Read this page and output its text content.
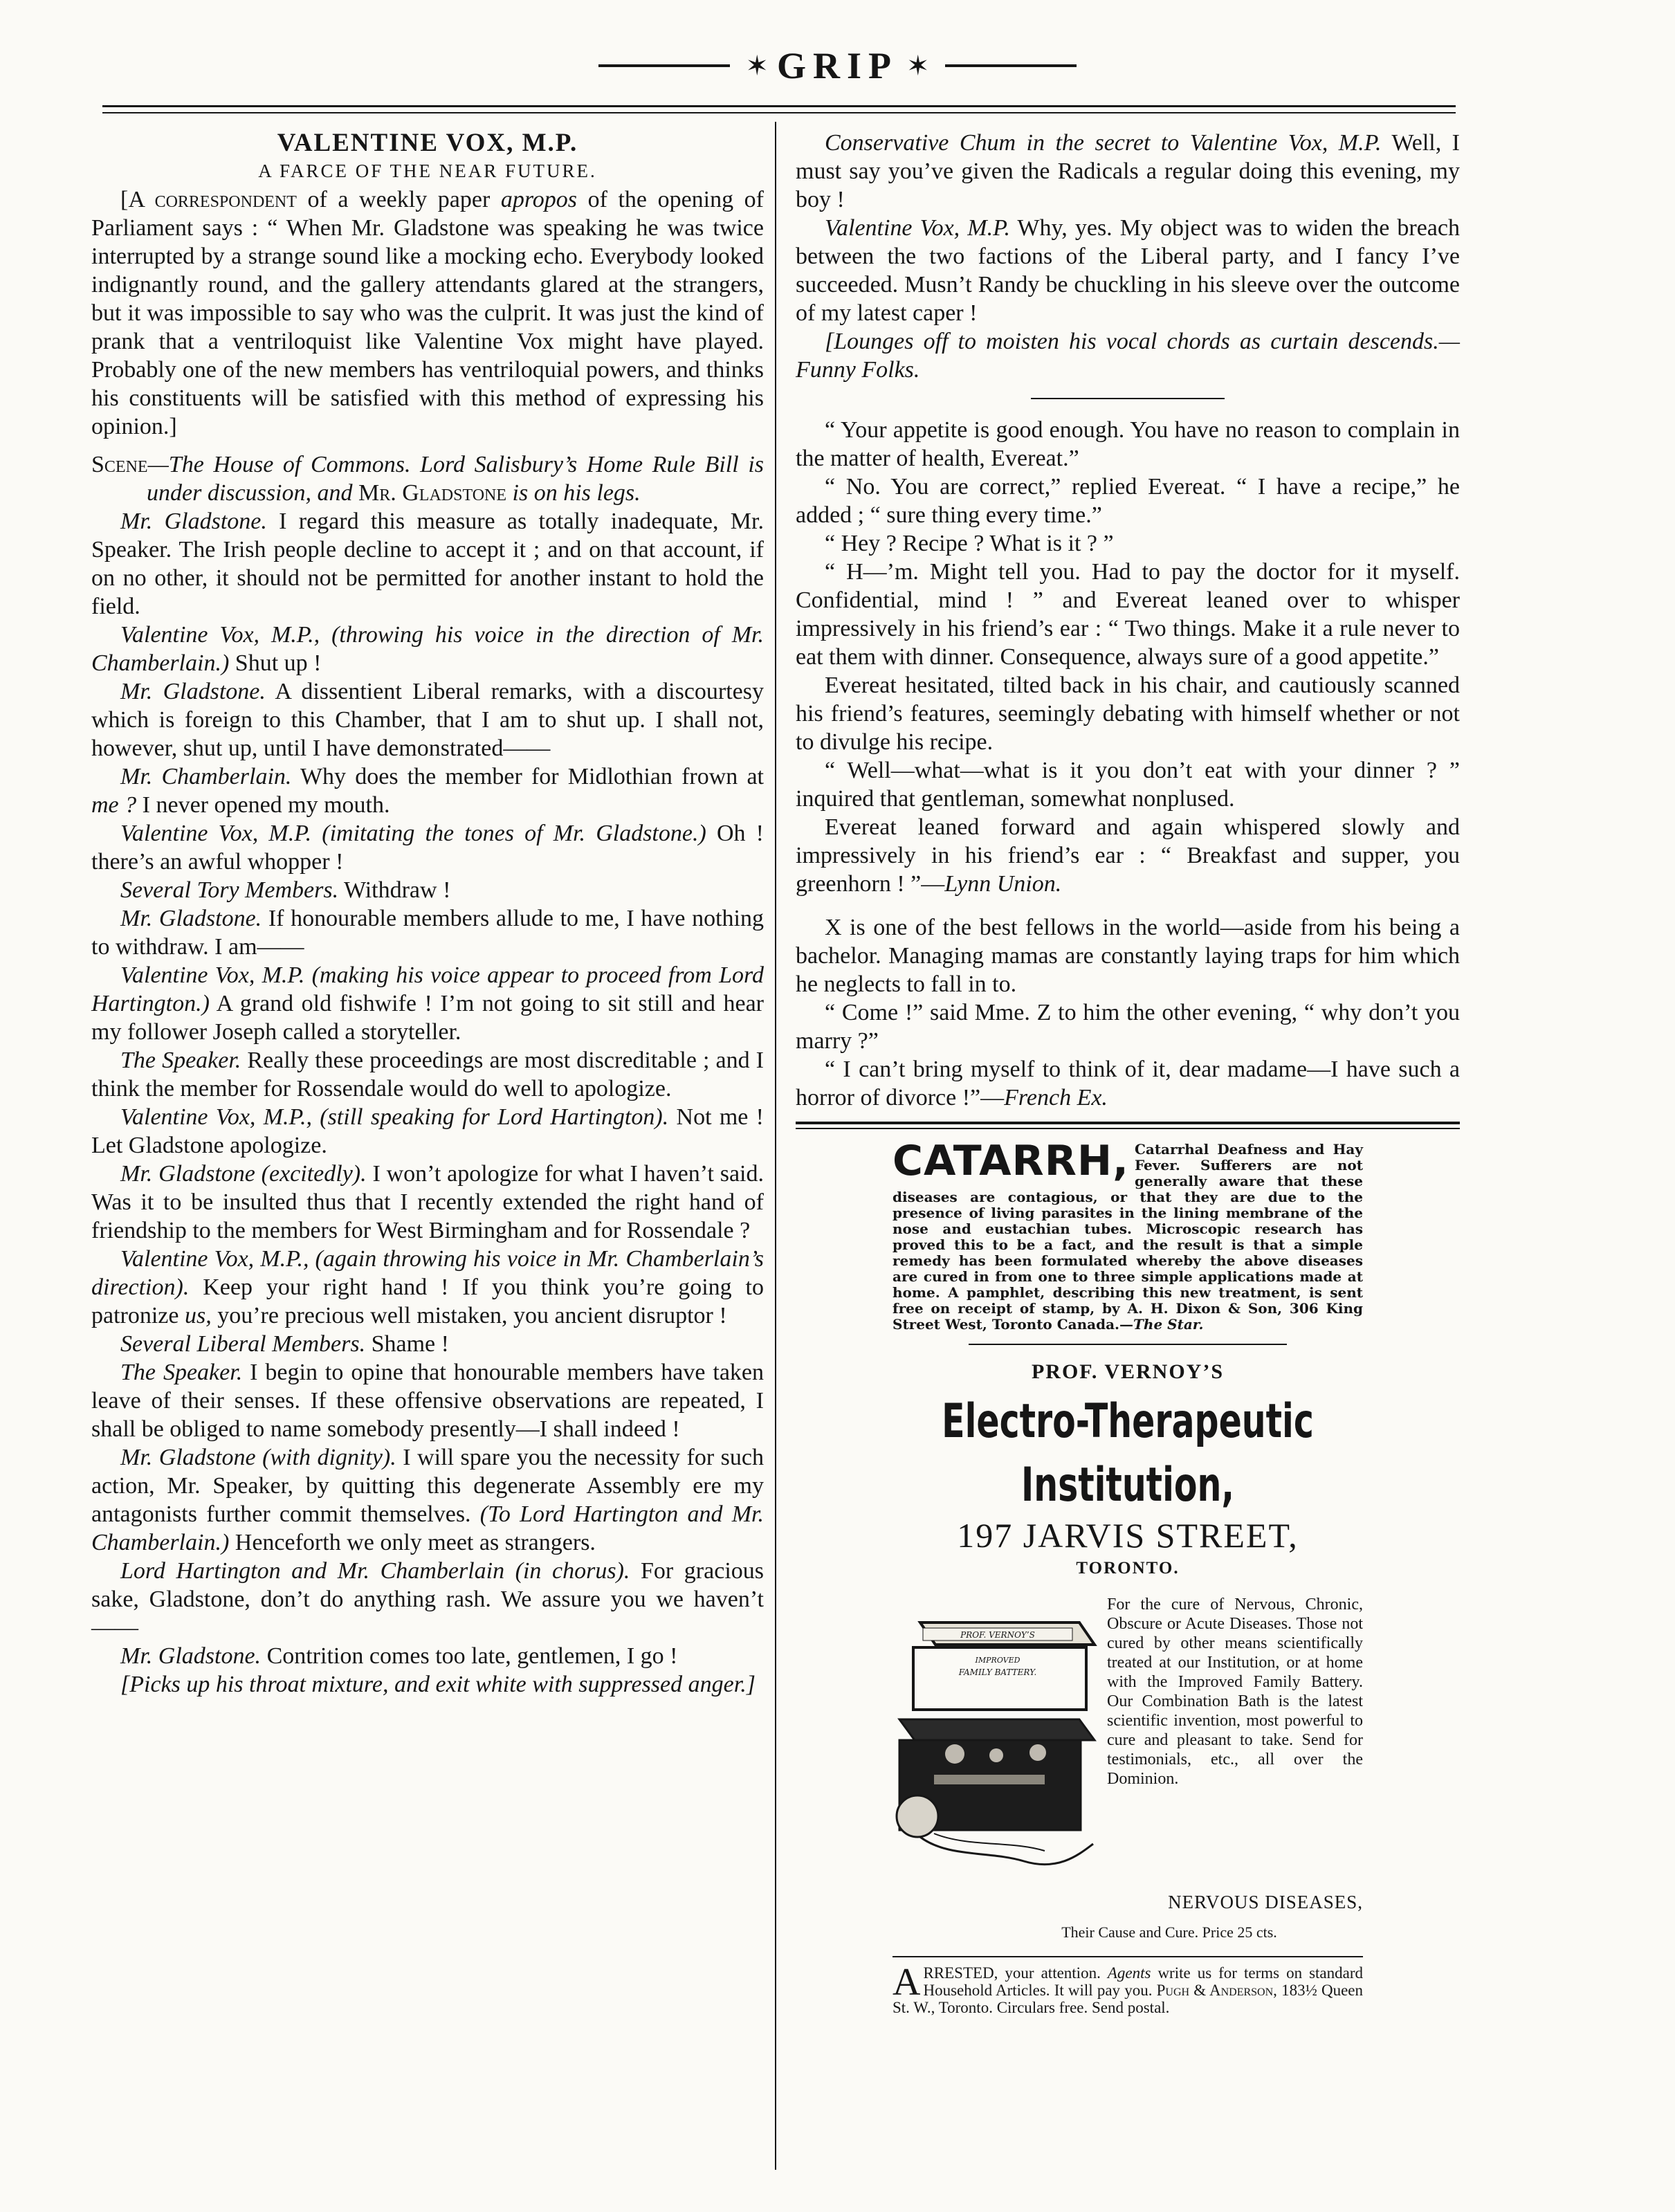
✶ GRIP ✶

VALENTINE VOX, M.P.

A FARCE OF THE NEAR FUTURE.

[A correspondent of a weekly paper apropos of the opening of Parliament says : “ When Mr. Gladstone was speaking he was twice interrupted by a strange sound like a mocking echo. Everybody looked indignantly round, and the gallery attendants glared at the strangers, but it was impossible to say who was the culprit. It was just the kind of prank that a ventriloquist like Valentine Vox might have played. Probably one of the new members has ventriloquial powers, and thinks his constituents will be satisfied with this method of expressing his opinion.]

Scene—The House of Commons. Lord Salisbury’s Home Rule Bill is under discussion, and Mr. Gladstone is on his legs.

Mr. Gladstone. I regard this measure as totally inadequate, Mr. Speaker. The Irish people decline to accept it ; and on that account, if on no other, it should not be permitted for another instant to hold the field.

Valentine Vox, M.P., (throwing his voice in the direction of Mr. Chamberlain.) Shut up !

Mr. Gladstone. A dissentient Liberal remarks, with a discourtesy which is foreign to this Chamber, that I am to shut up. I shall not, however, shut up, until I have demonstrated——

Mr. Chamberlain. Why does the member for Midlothian frown at me ? I never opened my mouth.

Valentine Vox, M.P. (imitating the tones of Mr. Gladstone.) Oh ! there’s an awful whopper !

Several Tory Members. Withdraw !

Mr. Gladstone. If honourable members allude to me, I have nothing to withdraw. I am——

Valentine Vox, M.P. (making his voice appear to proceed from Lord Hartington.) A grand old fishwife ! I’m not going to sit still and hear my follower Joseph called a storyteller.

The Speaker. Really these proceedings are most discreditable ; and I think the member for Rossendale would do well to apologize.

Valentine Vox, M.P., (still speaking for Lord Hartington). Not me ! Let Gladstone apologize.

Mr. Gladstone (excitedly). I won’t apologize for what I haven’t said. Was it to be insulted thus that I recently extended the right hand of friendship to the members for West Birmingham and for Rossendale ?

Valentine Vox, M.P., (again throwing his voice in Mr. Chamberlain’s direction). Keep your right hand ! If you think you’re going to patronize us, you’re precious well mistaken, you ancient disruptor !

Several Liberal Members. Shame !

The Speaker. I begin to opine that honourable members have taken leave of their senses. If these offensive observations are repeated, I shall be obliged to name somebody presently—I shall indeed !

Mr. Gladstone (with dignity). I will spare you the necessity for such action, Mr. Speaker, by quitting this degenerate Assembly ere my antagonists further commit themselves. (To Lord Hartington and Mr. Chamberlain.) Henceforth we only meet as strangers.

Lord Hartington and Mr. Chamberlain (in chorus). For gracious sake, Gladstone, don’t do anything rash. We assure you we haven’t——

Mr. Gladstone. Contrition comes too late, gentlemen, I go !

[Picks up his throat mixture, and exit white with suppressed anger.]

Conservative Chum in the secret to Valentine Vox, M.P. Well, I must say you’ve given the Radicals a regular doing this evening, my boy !

Valentine Vox, M.P. Why, yes. My object was to widen the breach between the two factions of the Liberal party, and I fancy I’ve succeeded. Musn’t Randy be chuckling in his sleeve over the outcome of my latest caper !

[Lounges off to moisten his vocal chords as curtain descends.—Funny Folks.

“ Your appetite is good enough. You have no reason to complain in the matter of health, Evereat.”

“ No. You are correct,” replied Evereat. “ I have a recipe,” he added ; “ sure thing every time.”

“ Hey ? Recipe ? What is it ? ”

“ H—’m. Might tell you. Had to pay the doctor for it myself. Confidential, mind ! ” and Evereat leaned over to whisper impressively in his friend’s ear : “ Two things. Make it a rule never to eat them with dinner. Consequence, always sure of a good appetite.”

Evereat hesitated, tilted back in his chair, and cautiously scanned his friend’s features, seemingly debating with himself whether or not to divulge his recipe.

“ Well—what—what is it you don’t eat with your dinner ? ” inquired that gentleman, somewhat nonplused.

Evereat leaned forward and again whispered slowly and impressively in his friend’s ear : “ Breakfast and supper, you greenhorn ! ”—Lynn Union.

X is one of the best fellows in the world—aside from his being a bachelor. Managing mamas are constantly laying traps for him which he neglects to fall in to.

“ Come !” said Mme. Z to him the other evening, “ why don’t you marry ?”

“ I can’t bring myself to think of it, dear madame—I have such a horror of divorce !”—French Ex.

CATARRH, Catarrhal Deafness and Hay Fever. Sufferers are not generally aware that these diseases are contagious, or that they are due to the presence of living parasites in the lining membrane of the nose and eustachian tubes. Microscopic research has proved this to be a fact, and the result is that a simple remedy has been formulated whereby the above diseases are cured in from one to three simple applications made at home. A pamphlet, describing this new treatment, is sent free on receipt of stamp, by A. H. Dixon & Son, 306 King Street West, Toronto Canada.—The Star.
PROF. VERNOY’S
Electro-Therapeutic Institution,
197 JARVIS STREET,
TORONTO.
PROF. VERNOY’S
IMPROVED
FAMILY BATTERY.
For the cure of Nervous, Chronic, Obscure or Acute Diseases. Those not cured by other means scientifically treated at our Institution, or at home with the Improved Family Battery. Our Combination Bath is the latest scientific invention, most powerful to cure and pleasant to take. Send for testimonials, etc., all over the Dominion.
NERVOUS DISEASES,
Their Cause and Cure. Price 25 cts.
ARRESTED, your attention. Agents write us for terms on standard Household Articles. It will pay you. Pugh & Anderson, 183½ Queen St. W., Toronto. Circulars free. Send postal.
